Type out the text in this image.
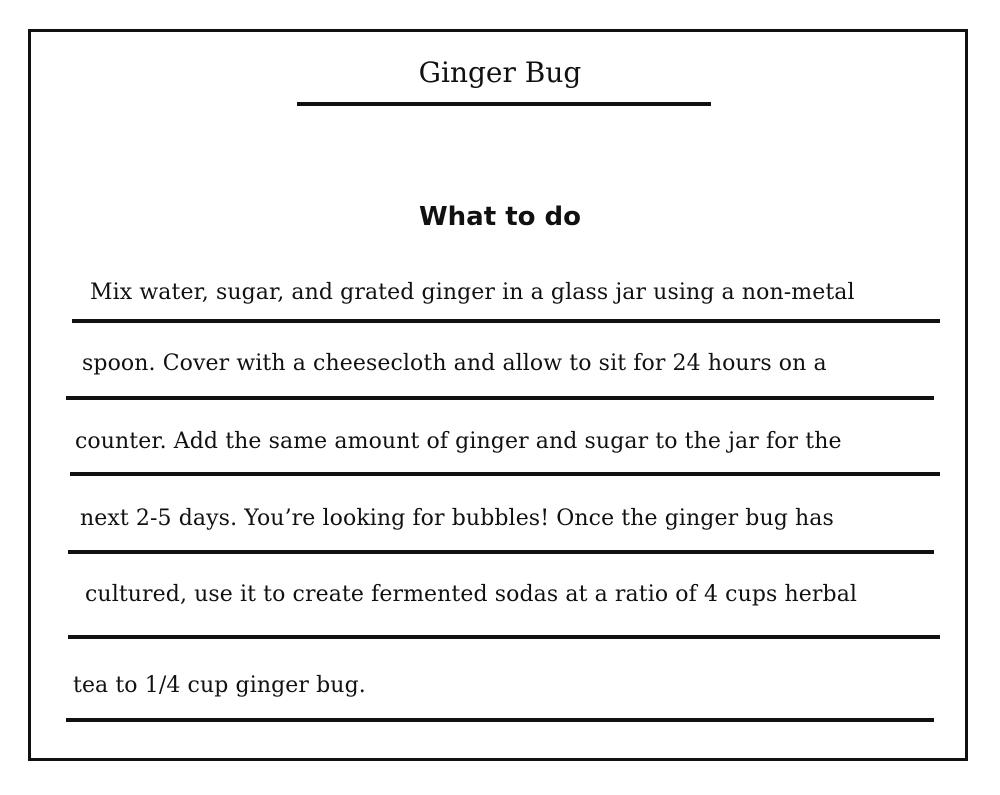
Ginger Bug
What to do
Mix water, sugar, and grated ginger in a glass jar using a non-metal
spoon. Cover with a cheesecloth and allow to sit for 24 hours on a
counter. Add the same amount of ginger and sugar to the jar for the
next 2-5 days. You’re looking for bubbles! Once the ginger bug has
cultured, use it to create fermented sodas at a ratio of 4 cups herbal
tea to 1/4 cup ginger bug.
